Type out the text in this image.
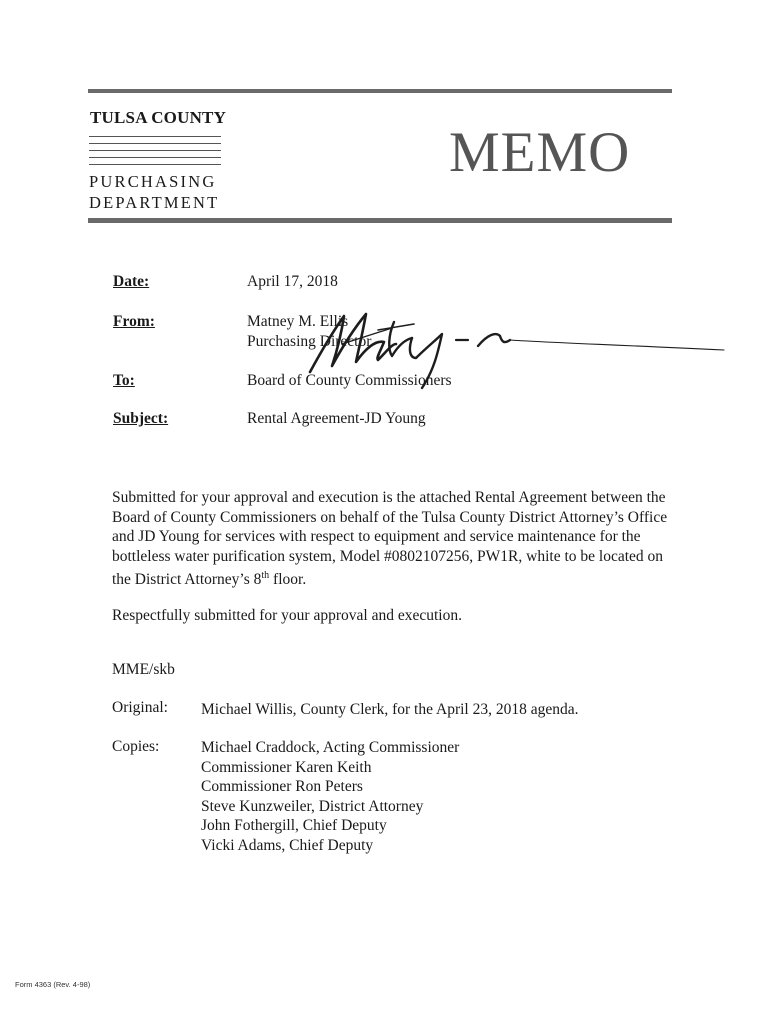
TULSA COUNTY
PURCHASING
DEPARTMENT
MEMO
Date:	April 17, 2018
From:	Matney M. Ellis
Purchasing Director
To:	Board of County Commissioners
Subject:	Rental Agreement-JD Young

Submitted for your approval and execution is the attached Rental Agreement between the Board of County Commissioners on behalf of the Tulsa County District Attorney’s Office and JD Young for services with respect to equipment and service maintenance for the bottleless water purification system, Model #0802107256, PW1R, white to be located on the District Attorney’s 8th floor.

Respectfully submitted for your approval and execution.
MME/skb
Original: Michael Willis, County Clerk, for the April 23, 2018 agenda.
Copies:	Michael Craddock, Acting Commissioner
Commissioner Karen Keith
Commissioner Ron Peters
Steve Kunzweiler, District Attorney
John Fothergill, Chief Deputy
Vicki Adams, Chief Deputy
Form 4363 (Rev. 4-98)
